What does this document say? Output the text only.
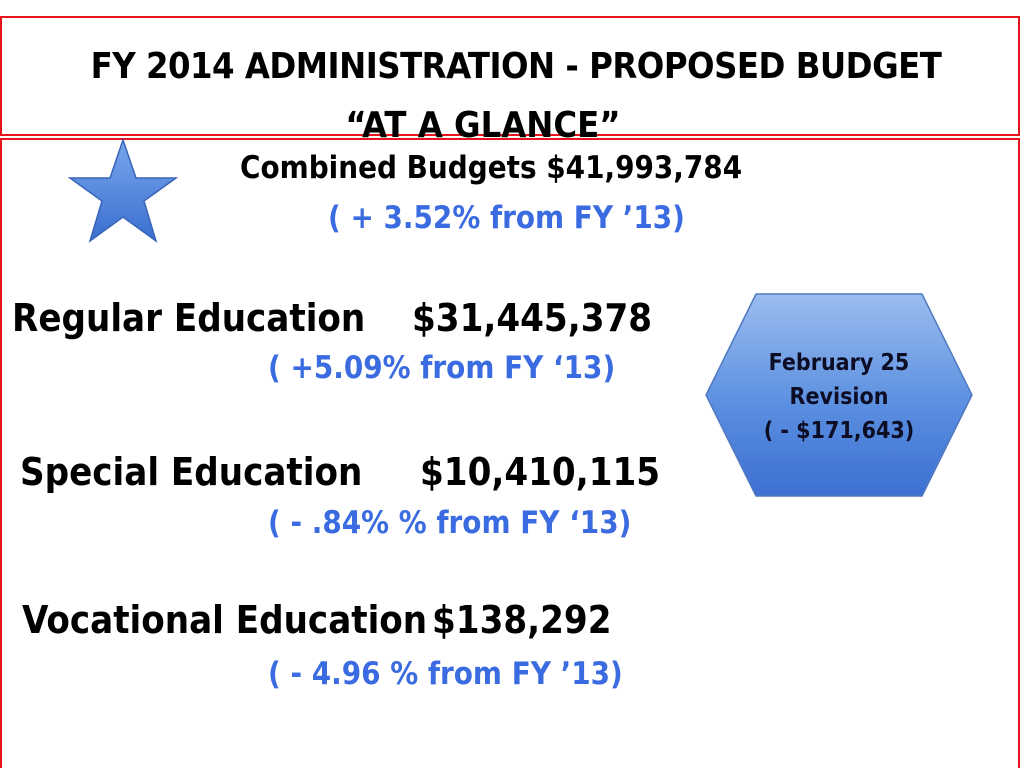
FY 2014 ADMINISTRATION - PROPOSED BUDGET
“AT A GLANCE”
Combined Budgets $41,993,784
( + 3.52% from FY ’13)
Regular Education $31,445,378
( +5.09% from FY ‘13)
Special Education $10,410,115
( - .84% % from FY ‘13)
Vocational Education $138,292
( - 4.96 % from FY ’13)
February 25
Revision
( - $171,643)
